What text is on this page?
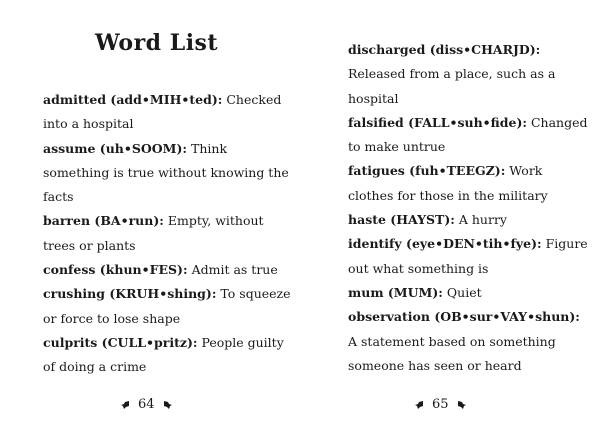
Word List

admitted (add•MIH•ted): Checked into a hospital

assume (uh•SOOM): Think something is true without knowing the facts

barren (BA•run): Empty, without trees or plants

confess (khun•FES): Admit as true

crushing (KRUH•shing): To squeeze or force to lose shape

culprits (CULL•pritz): People guilty of doing a crime

64

discharged (diss•CHARJD): Released from a place, such as a hospital

falsified (FALL•suh•fide): Changed to make untrue

fatigues (fuh•TEEGZ): Work clothes for those in the military

haste (HAYST): A hurry

identify (eye•DEN•tih•fye): Figure out what something is

mum (MUM): Quiet

observation (OB•sur•VAY•shun): A statement based on something someone has seen or heard

65
